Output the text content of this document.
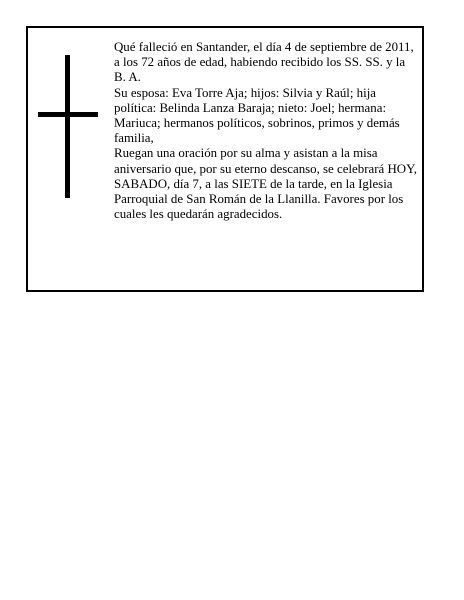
Qué falleció en Santander, el día 4 de septiembre de 2011, a los 72 años de edad, habiendo recibido los SS. SS. y la B. A.

Su esposa: Eva Torre Aja; hijos: Silvia y Raúl; hija política: Belinda Lanza Baraja; nieto: Joel; hermana: Mariuca; hermanos políticos, sobrinos, primos y demás familia,

Ruegan una oración por su alma y asistan a la misa aniversario que, por su eterno descanso, se celebrará HOY, SABADO, día 7, a las SIETE de la tarde, en la Iglesia Parroquial de San Román de la Llanilla. Favores por los cuales les quedarán agradecidos.
